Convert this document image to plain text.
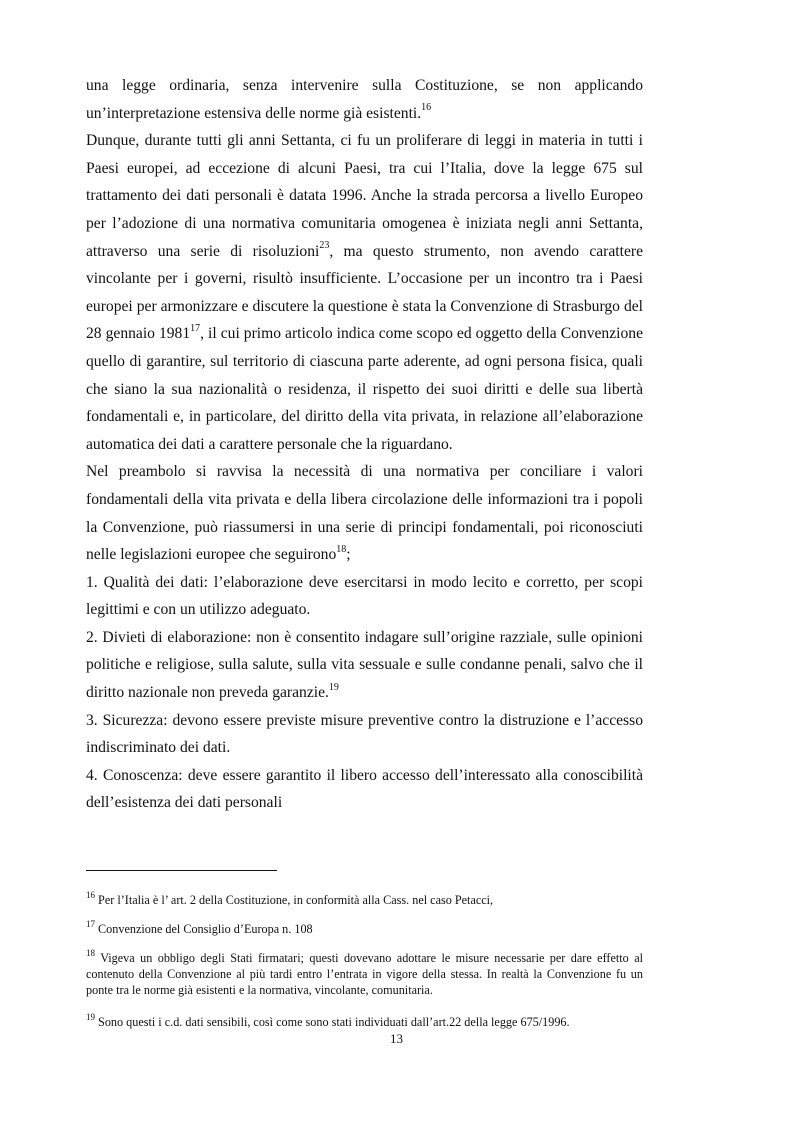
una legge ordinaria, senza intervenire sulla Costituzione, se non applicando un’interpretazione estensiva delle norme già esistenti.$^{16}$

Dunque, durante tutti gli anni Settanta, ci fu un proliferare di leggi in materia in tutti i Paesi europei, ad eccezione di alcuni Paesi, tra cui l’Italia, dove la legge 675 sul trattamento dei dati personali è datata 1996. Anche la strada percorsa a livello Europeo per l’adozione di una normativa comunitaria omogenea è iniziata negli anni Settanta, attraverso una serie di risoluzioni$^{23}$, ma questo strumento, non avendo carattere vincolante per i governi, risultò insufficiente. L’occasione per un incontro tra i Paesi europei per armonizzare e discutere la questione è stata la Convenzione di Strasburgo del 28 gennaio 1981$^{17}$, il cui primo articolo indica come scopo ed oggetto della Convenzione quello di garantire, sul territorio di ciascuna parte aderente, ad ogni persona fisica, quali che siano la sua nazionalità o residenza, il rispetto dei suoi diritti e delle sua libertà fondamentali e, in particolare, del diritto della vita privata, in relazione all’elaborazione automatica dei dati a carattere personale che la riguardano.

Nel preambolo si ravvisa la necessità di una normativa per conciliare i valori fondamentali della vita privata e della libera circolazione delle informazioni tra i popoli la Convenzione, può riassumersi in una serie di principi fondamentali, poi riconosciuti nelle legislazioni europee che seguirono$^{18}$;

1. Qualità dei dati: l’elaborazione deve esercitarsi in modo lecito e corretto, per scopi legittimi e con un utilizzo adeguato.

2. Divieti di elaborazione: non è consentito indagare sull’origine razziale, sulle opinioni politiche e religiose, sulla salute, sulla vita sessuale e sulle condanne penali, salvo che il diritto nazionale non preveda garanzie.$^{19}$

3. Sicurezza: devono essere previste misure preventive contro la distruzione e l’accesso indiscriminato dei dati.

4. Conoscenza: deve essere garantito il libero accesso dell’interessato alla conoscibilità dell’esistenza dei dati personali

$^{16}$ Per l’Italia è l’ art. 2 della Costituzione, in conformità alla Cass. nel caso Petacci,

$^{17}$ Convenzione del Consiglio d’Europa n. 108

$^{18}$ Vigeva un obbligo degli Stati firmatari; questi dovevano adottare le misure necessarie per dare effetto al contenuto della Convenzione al più tardi entro l’entrata in vigore della stessa. In realtà la Convenzione fu un ponte tra le norme già esistenti e la normativa, vincolante, comunitaria.

$^{19}$ Sono questi i c.d. dati sensibili, così come sono stati individuati dall’art.22 della legge 675/1996.

13
